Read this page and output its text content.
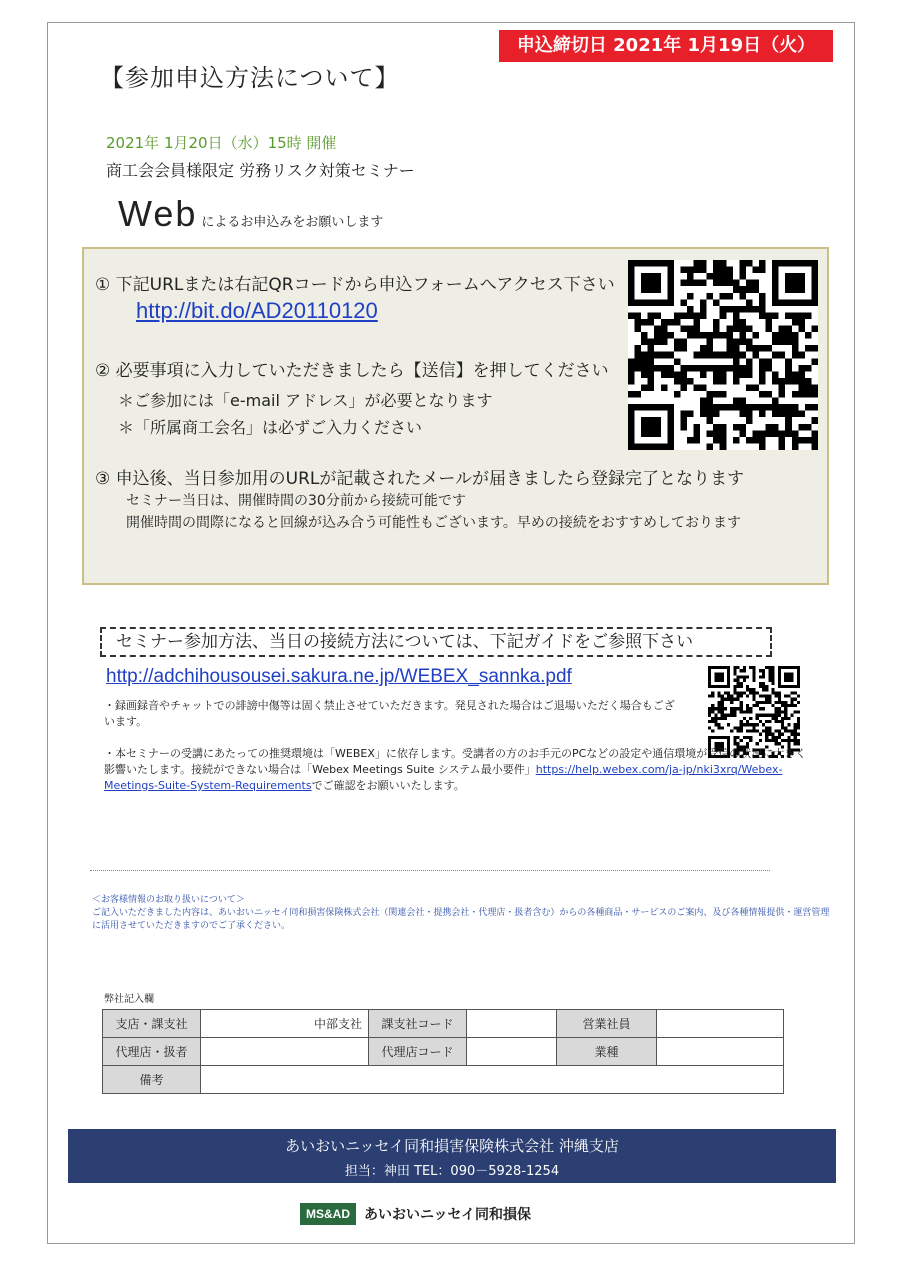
申込締切日 2021年 1月19日（火）
【参加申込方法について】
2021年 1月20日（水）15時 開催
商工会会員様限定 労務リスク対策セミナー
Web によるお申込みをお願いします
① 下記URLまたは右記QRコードから申込フォームへアクセス下さい
http://bit.do/AD20110120
② 必要事項に入力していただきましたら【送信】を押してください
＊ご参加には「e-mail アドレス」が必要となります
＊「所属商工会名」は必ずご入力ください
③ 申込後、当日参加用のURLが記載されたメールが届きましたら登録完了となります
セミナー当日は、開催時間の30分前から接続可能です
開催時間の間際になると回線が込み合う可能性もございます。早めの接続をおすすめしております
セミナー参加方法、当日の接続方法については、下記ガイドをご参照下さい
http://adchihousousei.sakura.ne.jp/WEBEX_sannka.pdf
・録画録音やチャットでの誹謗中傷等は固く禁止させていただきます。発見された場合はご退場いただく場合もございます。
・本セミナーの受講にあたっての推奨環境は「WEBEX」に依存します。受講者の方のお手元のPCなどの設定や通信環境が受信の状況に大きく影響いたします。接続ができない場合は「Webex Meetings Suite システム最小要件」https://help.webex.com/ja-jp/nki3xrq/Webex-Meetings-Suite-System-Requirementsでご確認をお願いいたします。
＜お客様情報のお取り扱いについて＞
ご記入いただきました内容は、あいおいニッセイ同和損害保険株式会社（関連会社・提携会社・代理店・扱者含む）からの各種商品・サービスのご案内、及び各種情報提供・運営管理に活用させていただきますのでご了承ください。
弊社記入欄
支店・課支社	中部支社	課支社コード		営業社員	
代理店・扱者		代理店コード		業種	
備考					
あいおいニッセイ同和損害保険株式会社 沖縄支店
担当：神田 TEL：090－5928-1254
MS&AD	あいおいニッセイ同和損保
